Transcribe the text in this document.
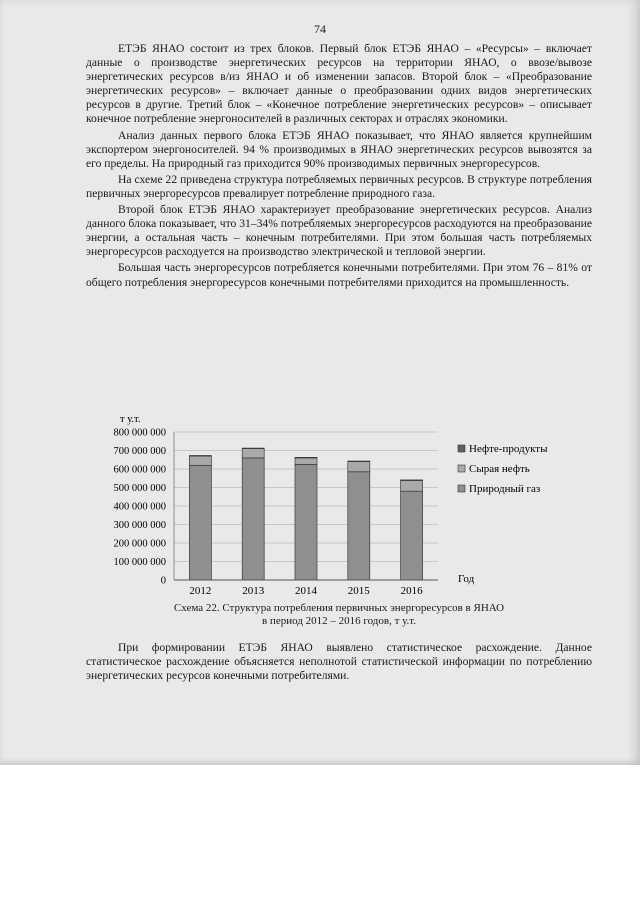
74

ЕТЭБ ЯНАО состоит из трех блоков. Первый блок ЕТЭБ ЯНАО – «Ресурсы» – включает данные о производстве энергетических ресурсов на территории ЯНАО, о ввозе/вывозе энергетических ресурсов в/из ЯНАО и об изменении запасов. Второй блок – «Преобразование энергетических ресурсов» – включает данные о преобразовании одних видов энергетических ресурсов в другие. Третий блок – «Конечное потребление энергетических ресурсов» – описывает конечное потребление энергоносителей в различных секторах и отраслях экономики.

Анализ данных первого блока ЕТЭБ ЯНАО показывает, что ЯНАО является крупнейшим экспортером энергоносителей. 94 % производимых в ЯНАО энергетических ресурсов вывозятся за его пределы. На природный газ приходится 90% производимых первичных энергоресурсов.

На схеме 22 приведена структура потребляемых первичных ресурсов. В структуре потребления первичных энергоресурсов превалирует потребление природного газа.

Второй блок ЕТЭБ ЯНАО характеризует преобразование энергетических ресурсов. Анализ данного блока показывает, что 31–34% потребляемых энергоресурсов расходуются на преобразование энергии, а остальная часть – конечным потребителями. При этом большая часть потребляемых энергоресурсов расходуется на производство электрической и тепловой энергии.

Большая часть энергоресурсов потребляется конечными потребителями. При этом 76 – 81% от общего потребления энергоресурсов конечными потребителями приходится на промышленность.

т у.т.
0
100 000 000
200 000 000
300 000 000
400 000 000
500 000 000
600 000 000
700 000 000
800 000 000
2012	2013	2014	2015	2016
Год
Нефте-продукты
Сырая нефть
Природный газ
Схема 22. Структура потребления первичных энергоресурсов в ЯНАО
в период 2012 – 2016 годов, т у.т.

При формировании ЕТЭБ ЯНАО выявлено статистическое расхождение. Данное статистическое расхождение объясняется неполнотой статистической информации по потреблению энергетических ресурсов конечными потребителями.
